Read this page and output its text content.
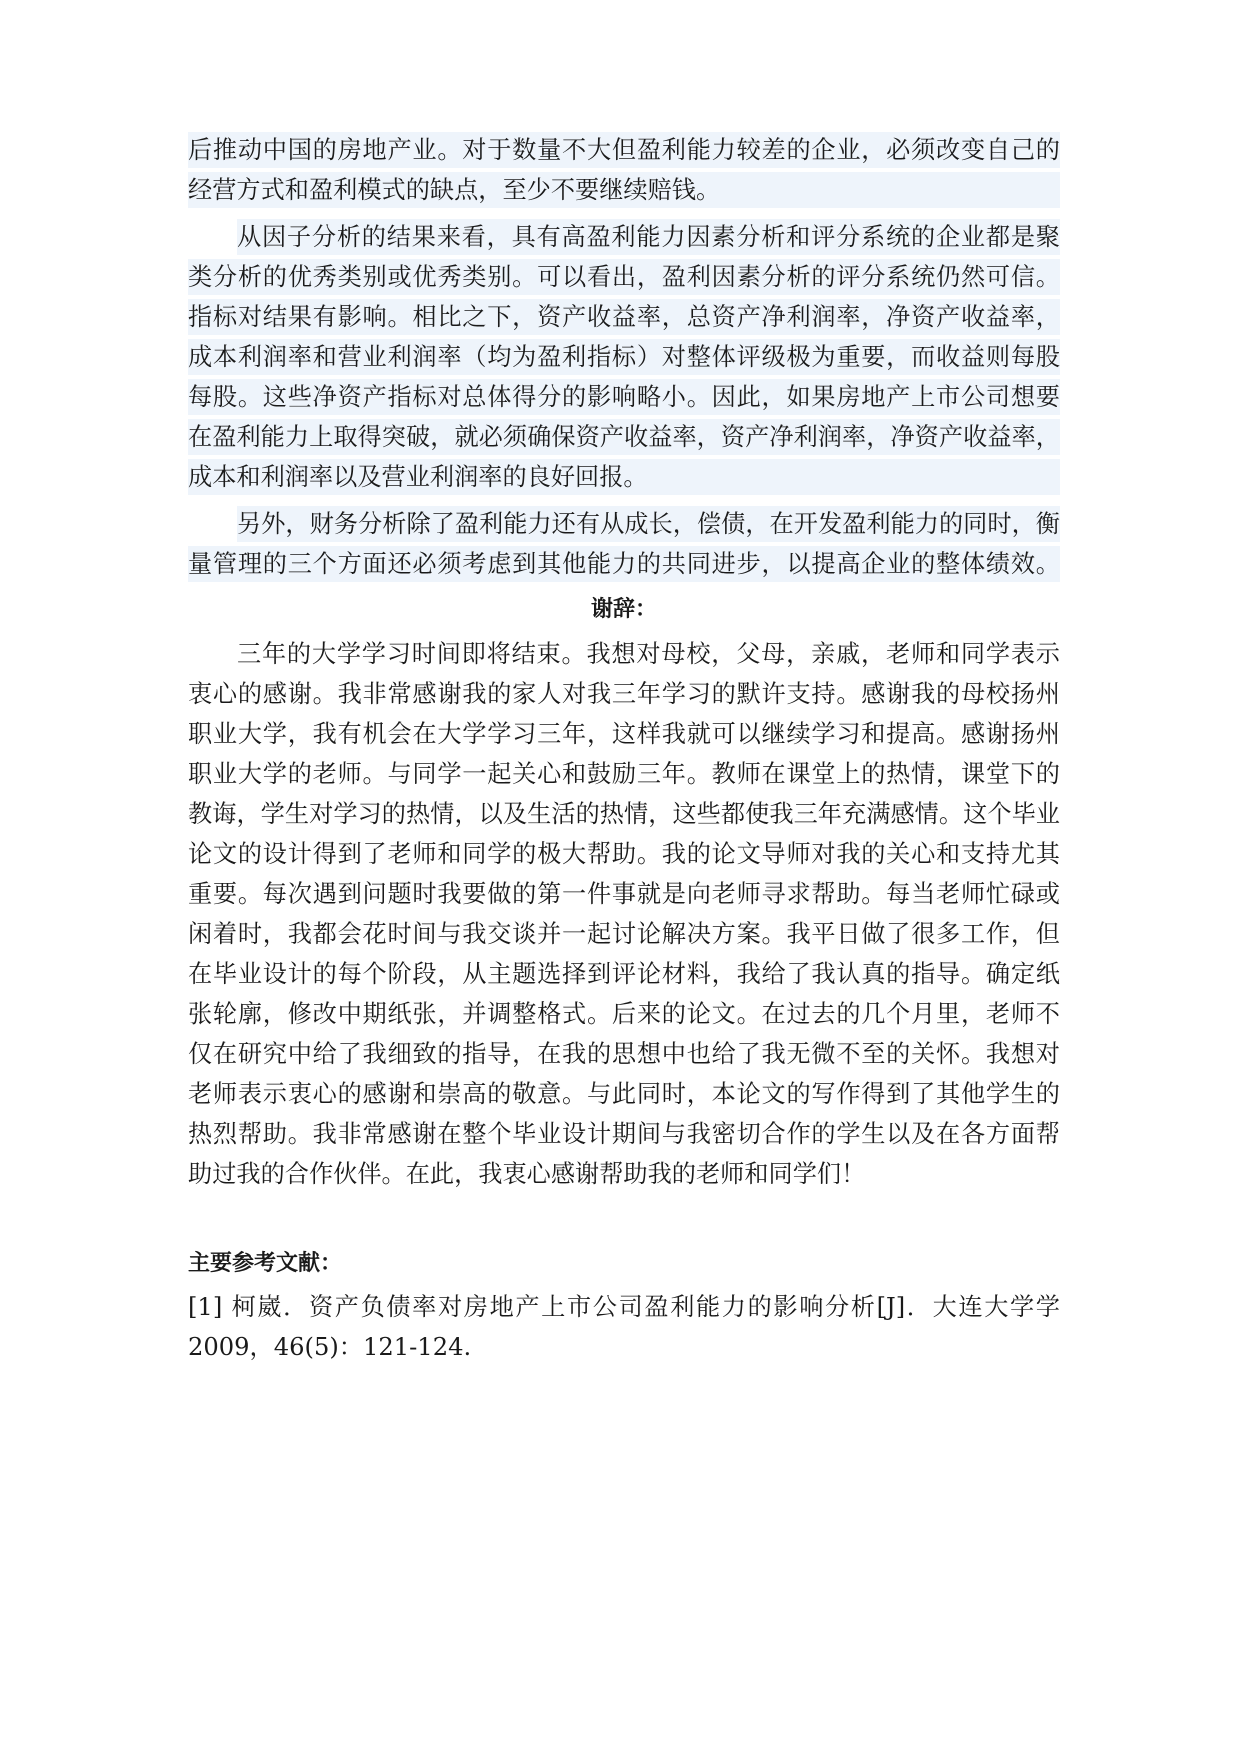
后推动中国的房地产业。对于数量不大但盈利能力较差的企业，必须改变自己的
经营方式和盈利模式的缺点，至少不要继续赔钱。
从因子分析的结果来看，具有高盈利能力因素分析和评分系统的企业都是聚
类分析的优秀类别或优秀类别。可以看出，盈利因素分析的评分系统仍然可信。
指标对结果有影响。相比之下，资产收益率，总资产净利润率，净资产收益率，
成本利润率和营业利润率（均为盈利指标）对整体评级极为重要，而收益则每股
每股。这些净资产指标对总体得分的影响略小。因此，如果房地产上市公司想要
在盈利能力上取得突破，就必须确保资产收益率，资产净利润率，净资产收益率，
成本和利润率以及营业利润率的良好回报。
另外，财务分析除了盈利能力还有从成长，偿债，在开发盈利能力的同时，衡
量管理的三个方面还必须考虑到其他能力的共同进步，以提高企业的整体绩效。
谢辞：
三年的大学学习时间即将结束。我想对母校，父母，亲戚，老师和同学表示
衷心的感谢。我非常感谢我的家人对我三年学习的默许支持。感谢我的母校扬州
职业大学，我有机会在大学学习三年，这样我就可以继续学习和提高。感谢扬州
职业大学的老师。与同学一起关心和鼓励三年。教师在课堂上的热情，课堂下的
教诲，学生对学习的热情，以及生活的热情，这些都使我三年充满感情。这个毕业
论文的设计得到了老师和同学的极大帮助。我的论文导师对我的关心和支持尤其
重要。每次遇到问题时我要做的第一件事就是向老师寻求帮助。每当老师忙碌或
闲着时，我都会花时间与我交谈并一起讨论解决方案。我平日做了很多工作，但
在毕业设计的每个阶段，从主题选择到评论材料，我给了我认真的指导。确定纸
张轮廓，修改中期纸张，并调整格式。后来的论文。在过去的几个月里，老师不
仅在研究中给了我细致的指导，在我的思想中也给了我无微不至的关怀。我想对
老师表示衷心的感谢和崇高的敬意。与此同时，本论文的写作得到了其他学生的
热烈帮助。我非常感谢在整个毕业设计期间与我密切合作的学生以及在各方面帮
助过我的合作伙伴。在此，我衷心感谢帮助我的老师和同学们！
主要参考文献：
[1] 柯崴．资产负债率对房地产上市公司盈利能力的影响分析[J]．大连大学学
2009，46(5)：121-124.
